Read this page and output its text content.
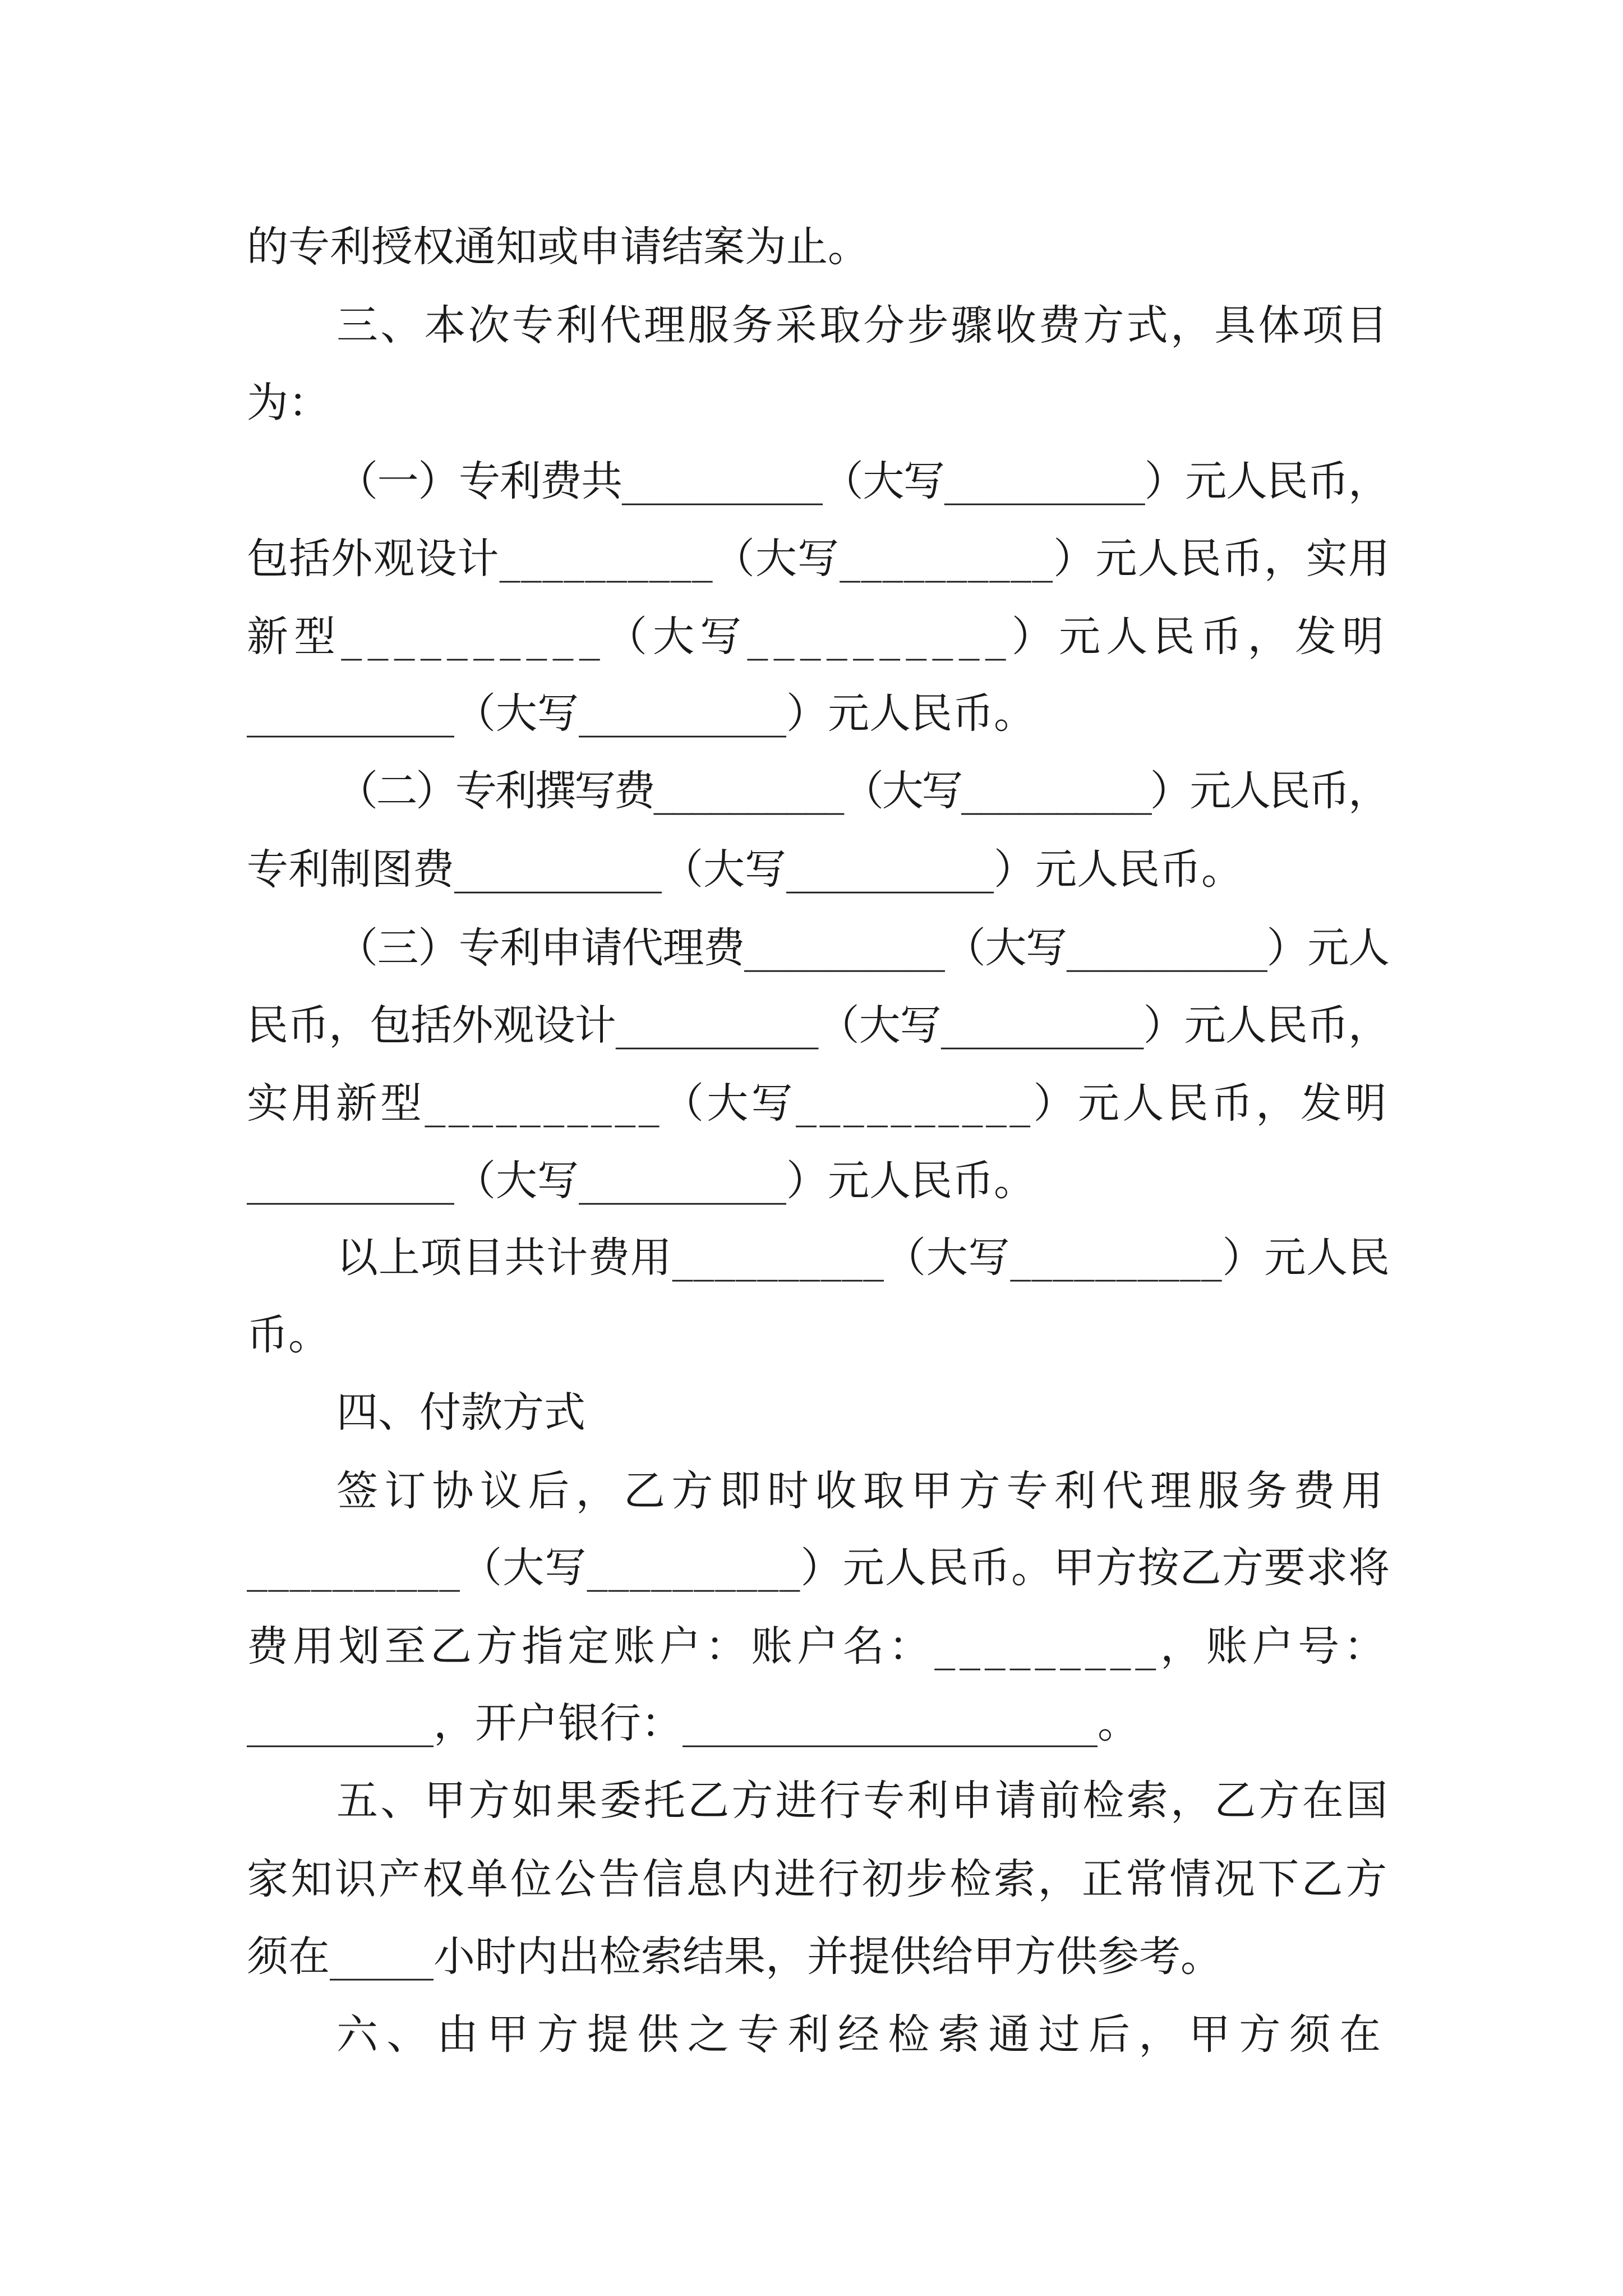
的专利授权通知或申请结案为止。

三、本次专利代理服务采取分步骤收费方式，具体项目

为：

（一）专利费共__________（大写__________）元人民币，

包括外观设计__________（大写__________）元人民币，实用

新型__________（大写__________）元人民币，发明

__________（大写__________）元人民币。

（二）专利撰写费__________（大写__________）元人民币，

专利制图费__________（大写__________）元人民币。

（三）专利申请代理费__________（大写__________）元人

民币，包括外观设计__________（大写__________）元人民币，

实用新型__________（大写__________）元人民币，发明

__________（大写__________）元人民币。

以上项目共计费用__________（大写__________）元人民

币。

四、付款方式

签订协议后，乙方即时收取甲方专利代理服务费用

__________（大写__________）元人民币。甲方按乙方要求将

费用划至乙方指定账户：账户名：_________，账户号：

_________，开户银行：____________________。

五、甲方如果委托乙方进行专利申请前检索，乙方在国

家知识产权单位公告信息内进行初步检索，正常情况下乙方

须在_____小时内出检索结果，并提供给甲方供参考。

六、由甲方提供之专利经检索通过后，甲方须在
